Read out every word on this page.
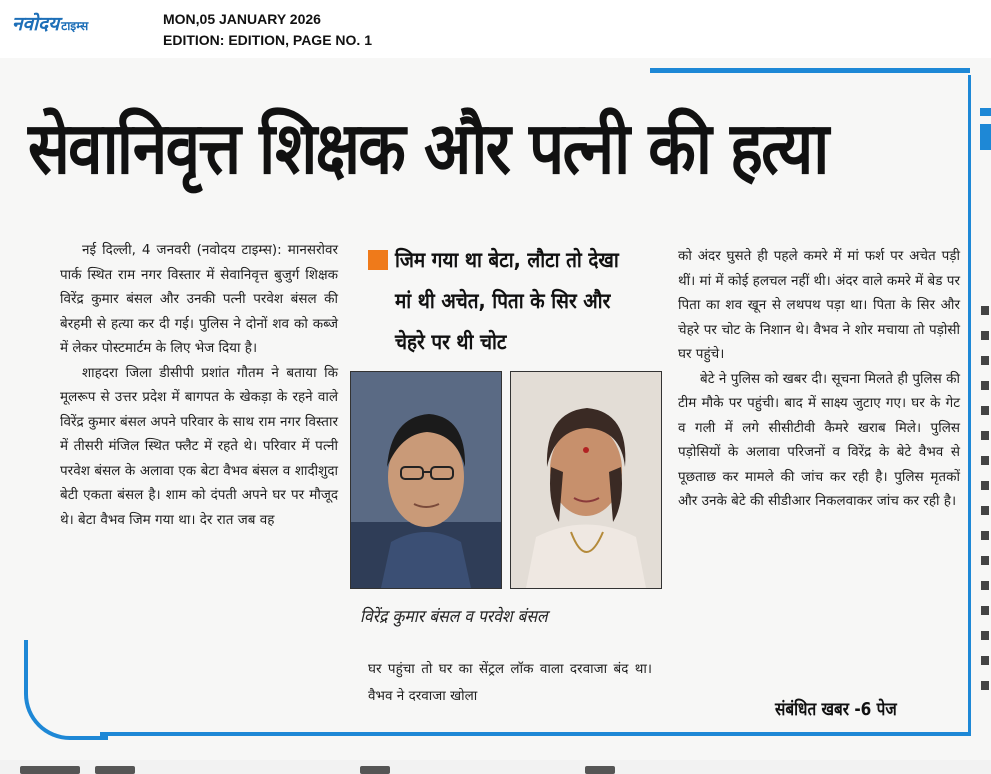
नवोदय टाइम्स	MON,05 JANUARY 2026
EDITION: EDITION, PAGE NO. 1
सेवानिवृत्त शिक्षक और पत्नी की हत्या

नई दिल्ली, 4 जनवरी (नवोदय टाइम्स): मानसरोवर पार्क स्थित राम नगर विस्तार में सेवानिवृत्त बुजुर्ग शिक्षक विरेंद्र कुमार बंसल और उनकी पत्नी परवेश बंसल की बेरहमी से हत्या कर दी गई। पुलिस ने दोनों शव को कब्जे में लेकर पोस्टमार्टम के लिए भेज दिया है।

शाहदरा जिला डीसीपी प्रशांत गौतम ने बताया कि मूलरूप से उत्तर प्रदेश में बागपत के खेकड़ा के रहने वाले विरेंद्र कुमार बंसल अपने परिवार के साथ राम नगर विस्तार में तीसरी मंजिल स्थित फ्लैट में रहते थे। परिवार में पत्नी परवेश बंसल के अलावा एक बेटा वैभव बंसल व शादीशुदा बेटी एकता बंसल है। शाम को दंपती अपने घर पर मौजूद थे। बेटा वैभव जिम गया था। देर रात जब वह

जिम गया था बेटा, लौटा तो देखा मां थी अचेत, पिता के सिर और चेहरे पर थी चोट
विरेंद्र कुमार बंसल व परवेश बंसल
घर पहुंचा तो घर का सेंट्रल लॉक वाला दरवाजा बंद था। वैभव ने दरवाजा खोला

को अंदर घुसते ही पहले कमरे में मां फर्श पर अचेत पड़ी थीं। मां में कोई हलचल नहीं थी। अंदर वाले कमरे में बेड पर पिता का शव खून से लथपथ पड़ा था। पिता के सिर और चेहरे पर चोट के निशान थे। वैभव ने शोर मचाया तो पड़ोसी घर पहुंचे।

बेटे ने पुलिस को खबर दी। सूचना मिलते ही पुलिस की टीम मौके पर पहुंची। बाद में साक्ष्य जुटाए गए। घर के गेट व गली में लगे सीसीटीवी कैमरे खराब मिले। पुलिस पड़ोसियों के अलावा परिजनों व विरेंद्र के बेटे वैभव से पूछताछ कर मामले की जांच कर रही है। पुलिस मृतकों और उनके बेटे की सीडीआर निकलवाकर जांच कर रही है।

संबंधित खबर -6 पेज
